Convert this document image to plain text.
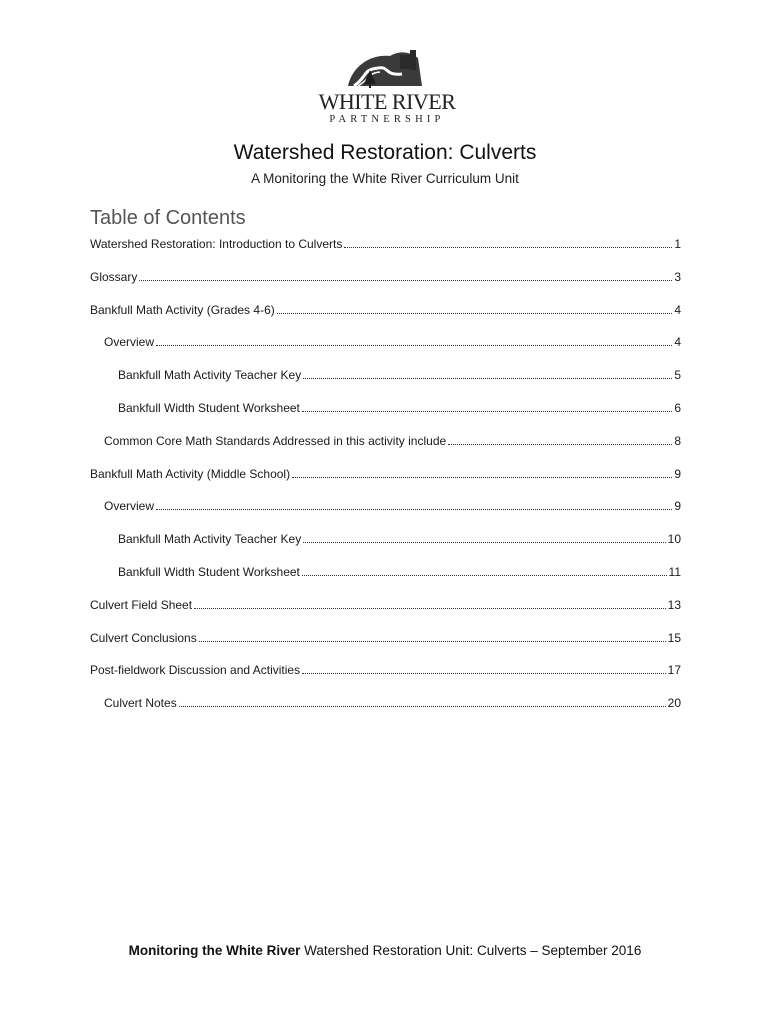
WHITE RIVER
PARTNERSHIP
Watershed Restoration: Culverts
A Monitoring the White River Curriculum Unit
Table of Contents
Watershed Restoration: Introduction to Culverts	1
Glossary	3
Bankfull Math Activity (Grades 4-6)	4
Overview	4
Bankfull Math Activity Teacher Key	5
Bankfull Width Student Worksheet	6
Common Core Math Standards Addressed in this activity include	8
Bankfull Math Activity (Middle School)	9
Overview	9
Bankfull Math Activity Teacher Key	10
Bankfull Width Student Worksheet	11
Culvert Field Sheet	13
Culvert Conclusions	15
Post-fieldwork Discussion and Activities	17
Culvert Notes	20
Monitoring the White River Watershed Restoration Unit: Culverts – September 2016
